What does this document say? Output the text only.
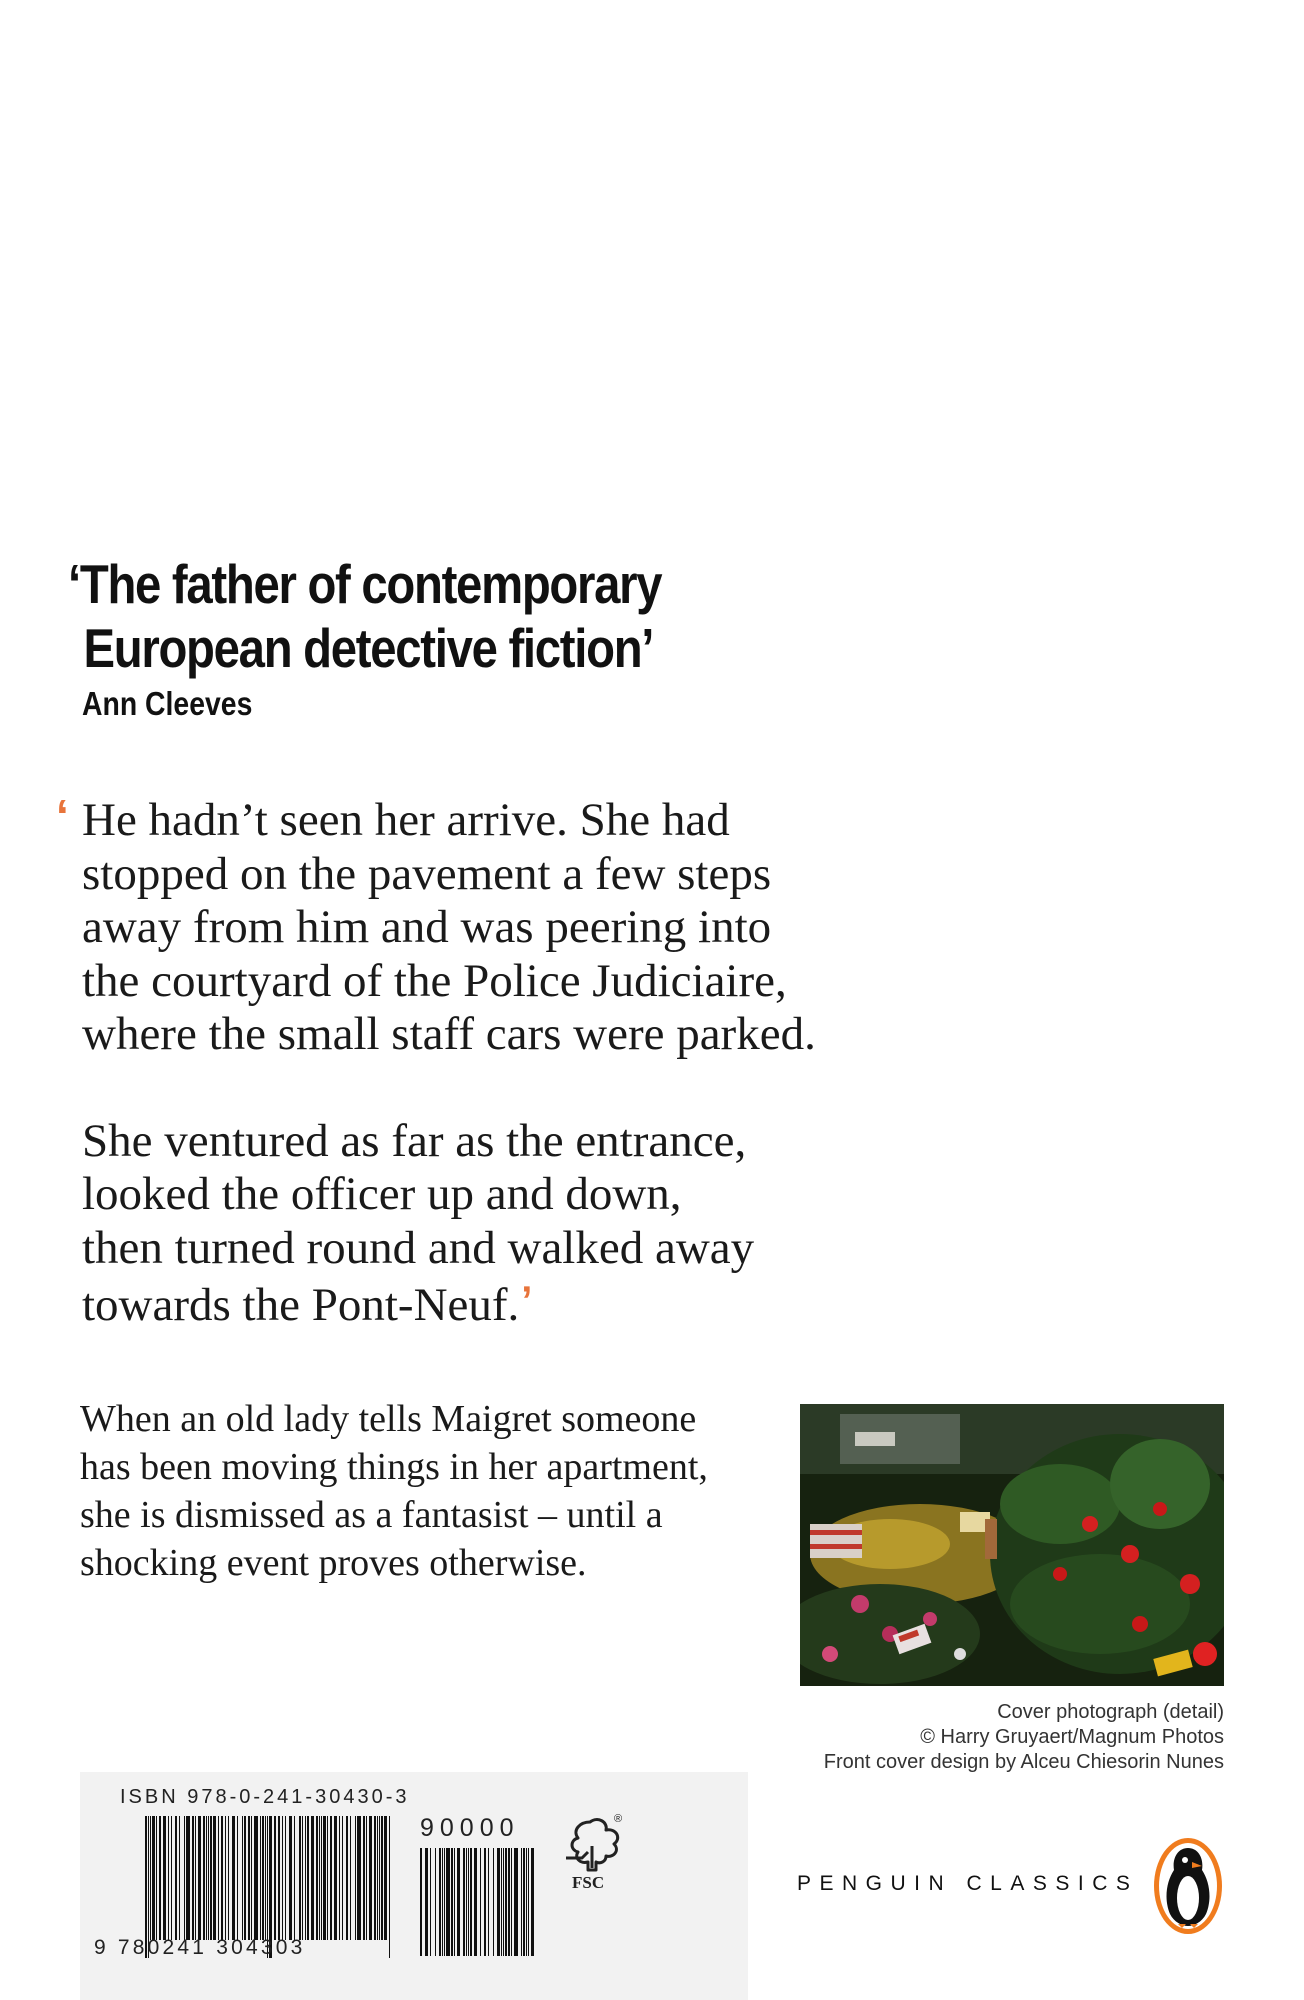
‘The father of contemporary
European detective fiction’
Ann Cleeves
‘ He hadn’t seen her arrive. She had
stopped on the pavement a few steps
away from him and was peering into
the courtyard of the Police Judiciaire,
where the small staff cars were parked.

She ventured as far as the entrance,
looked the officer up and down,
then turned round and walked away
towards the Pont-Neuf.’

When an old lady tells Maigret someone
has been moving things in her apartment,
she is dismissed as a fantasist – until a
shocking event proves otherwise.
Cover photograph (detail)
© Harry Gruyaert/Magnum Photos
Front cover design by Alceu Chiesorin Nunes
ISBN 978-0-241-30430-3
9 780241 304303
90000
FSC
®
PENGUIN CLASSICS
